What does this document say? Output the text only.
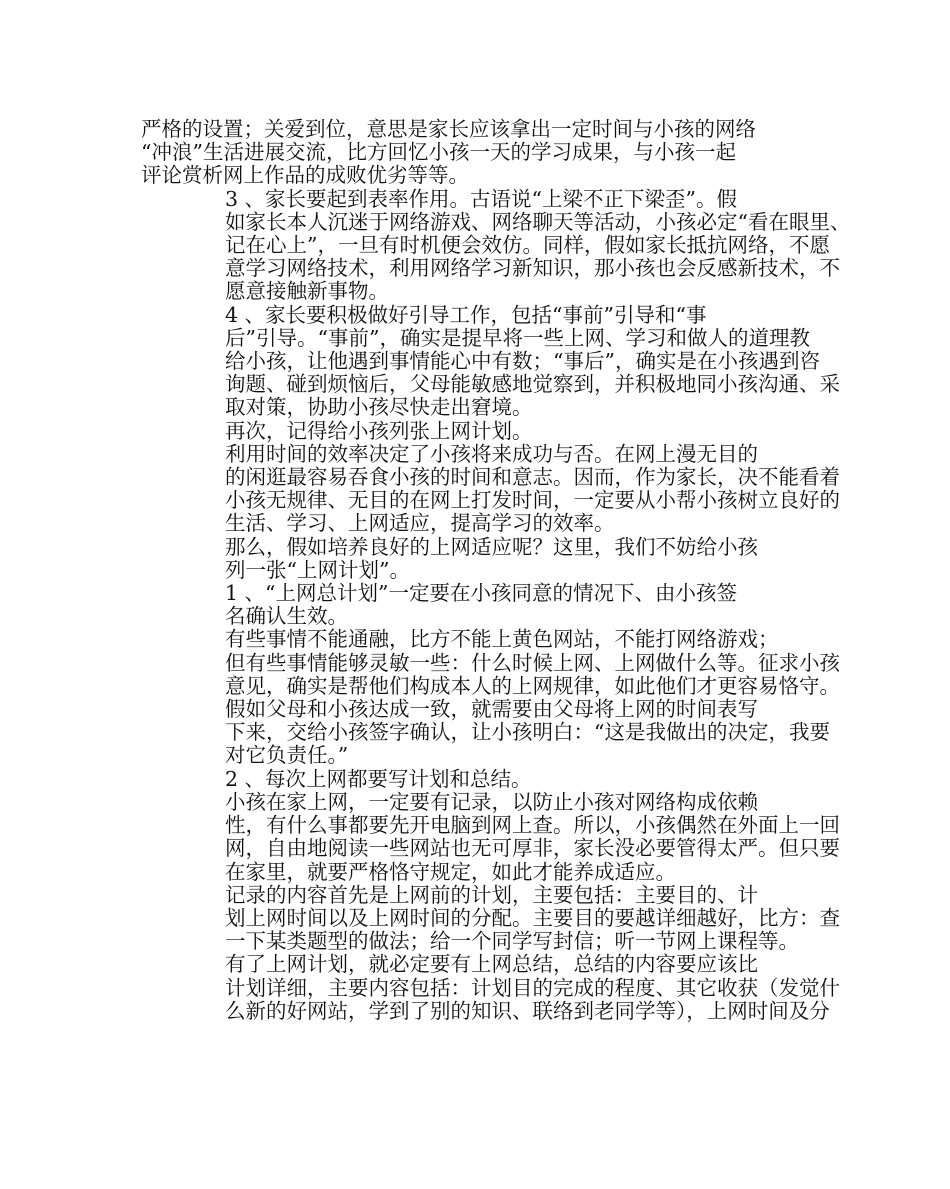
严格的设置；关爱到位，意思是家长应该拿出一定时间与小孩的网络
“冲浪”生活进展交流，比方回忆小孩一天的学习成果，与小孩一起
评论赏析网上作品的成败优劣等等。

3 、家长要起到表率作用。古语说“上梁不正下梁歪”。假
如家长本人沉迷于网络游戏、网络聊天等活动，小孩必定“看在眼里、
记在心上”，一旦有时机便会效仿。同样，假如家长抵抗网络，不愿
意学习网络技术，利用网络学习新知识，那小孩也会反感新技术，不
愿意接触新事物。

4 、家长要积极做好引导工作，包括“事前”引导和“事
后”引导。“事前”，确实是提早将一些上网、学习和做人的道理教
给小孩，让他遇到事情能心中有数；“事后”，确实是在小孩遇到咨
询题、碰到烦恼后，父母能敏感地觉察到，并积极地同小孩沟通、采
取对策，协助小孩尽快走出窘境。

再次，记得给小孩列张上网计划。

利用时间的效率决定了小孩将来成功与否。在网上漫无目的
的闲逛最容易吞食小孩的时间和意志。因而，作为家长，决不能看着
小孩无规律、无目的在网上打发时间，一定要从小帮小孩树立良好的
生活、学习、上网适应，提高学习的效率。

那么，假如培养良好的上网适应呢？这里，我们不妨给小孩
列一张“上网计划”。

1 、“上网总计划”一定要在小孩同意的情况下、由小孩签
名确认生效。

有些事情不能通融，比方不能上黄色网站，不能打网络游戏；
但有些事情能够灵敏一些：什么时候上网、上网做什么等。征求小孩
意见，确实是帮他们构成本人的上网规律，如此他们才更容易恪守。

假如父母和小孩达成一致，就需要由父母将上网的时间表写
下来，交给小孩签字确认，让小孩明白：“这是我做出的决定，我要
对它负责任。”

2 、每次上网都要写计划和总结。

小孩在家上网，一定要有记录，以防止小孩对网络构成依赖
性，有什么事都要先开电脑到网上查。所以，小孩偶然在外面上一回
网，自由地阅读一些网站也无可厚非，家长没必要管得太严。但只要
在家里，就要严格恪守规定，如此才能养成适应。

记录的内容首先是上网前的计划，主要包括：主要目的、计
划上网时间以及上网时间的分配。主要目的要越详细越好，比方：查
一下某类题型的做法；给一个同学写封信；听一节网上课程等。

有了上网计划，就必定要有上网总结，总结的内容要应该比
计划详细，主要内容包括：计划目的完成的程度、其它收获（发觉什
么新的好网站，学到了别的知识、联络到老同学等），上网时间及分
